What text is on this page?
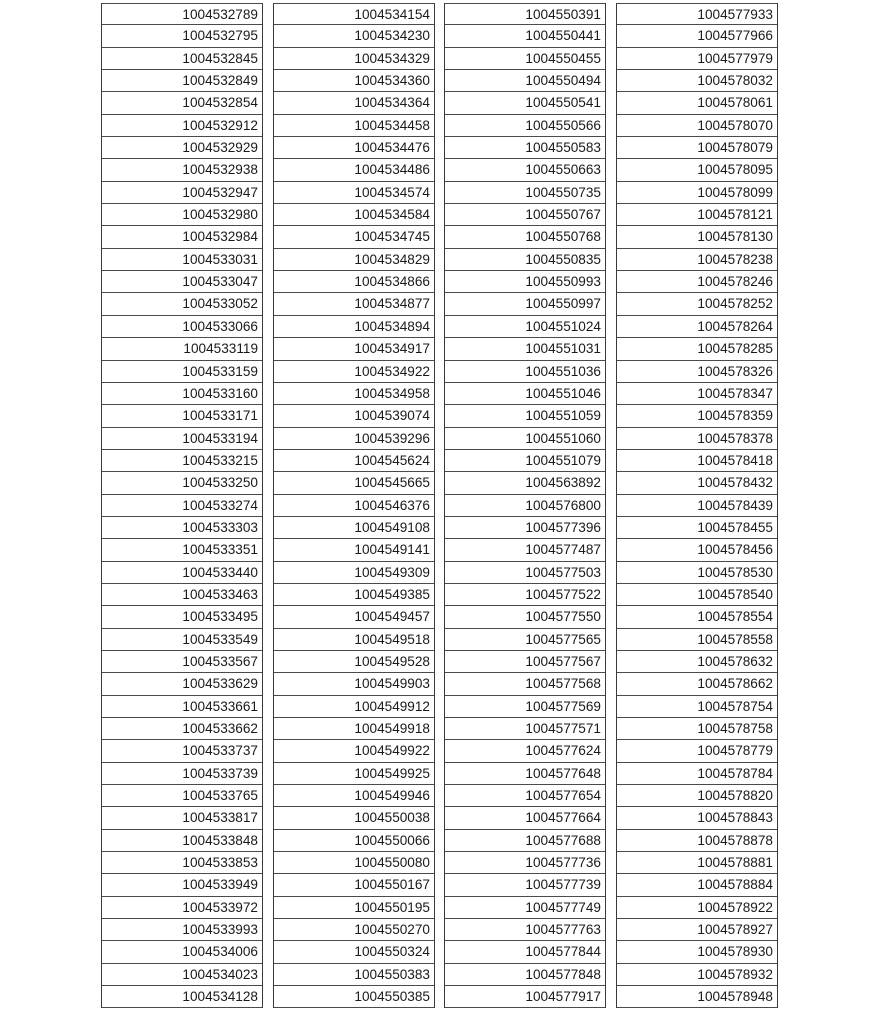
1004532789
1004532795
1004532845
1004532849
1004532854
1004532912
1004532929
1004532938
1004532947
1004532980
1004532984
1004533031
1004533047
1004533052
1004533066
1004533119
1004533159
1004533160
1004533171
1004533194
1004533215
1004533250
1004533274
1004533303
1004533351
1004533440
1004533463
1004533495
1004533549
1004533567
1004533629
1004533661
1004533662
1004533737
1004533739
1004533765
1004533817
1004533848
1004533853
1004533949
1004533972
1004533993
1004534006
1004534023
1004534128
1004534154
1004534230
1004534329
1004534360
1004534364
1004534458
1004534476
1004534486
1004534574
1004534584
1004534745
1004534829
1004534866
1004534877
1004534894
1004534917
1004534922
1004534958
1004539074
1004539296
1004545624
1004545665
1004546376
1004549108
1004549141
1004549309
1004549385
1004549457
1004549518
1004549528
1004549903
1004549912
1004549918
1004549922
1004549925
1004549946
1004550038
1004550066
1004550080
1004550167
1004550195
1004550270
1004550324
1004550383
1004550385
1004550391
1004550441
1004550455
1004550494
1004550541
1004550566
1004550583
1004550663
1004550735
1004550767
1004550768
1004550835
1004550993
1004550997
1004551024
1004551031
1004551036
1004551046
1004551059
1004551060
1004551079
1004563892
1004576800
1004577396
1004577487
1004577503
1004577522
1004577550
1004577565
1004577567
1004577568
1004577569
1004577571
1004577624
1004577648
1004577654
1004577664
1004577688
1004577736
1004577739
1004577749
1004577763
1004577844
1004577848
1004577917
1004577933
1004577966
1004577979
1004578032
1004578061
1004578070
1004578079
1004578095
1004578099
1004578121
1004578130
1004578238
1004578246
1004578252
1004578264
1004578285
1004578326
1004578347
1004578359
1004578378
1004578418
1004578432
1004578439
1004578455
1004578456
1004578530
1004578540
1004578554
1004578558
1004578632
1004578662
1004578754
1004578758
1004578779
1004578784
1004578820
1004578843
1004578878
1004578881
1004578884
1004578922
1004578927
1004578930
1004578932
1004578948
